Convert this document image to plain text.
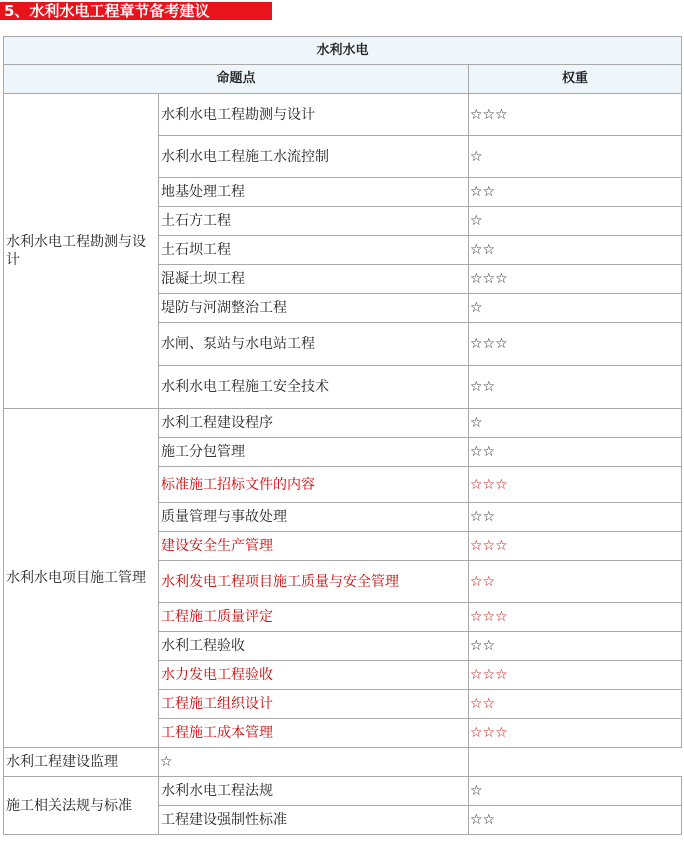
5、水利水电工程章节备考建议
水利水电		
命题点		权重
水利水电工程勘测与设计	水利水电工程勘测与设计	☆☆☆
	水利水电工程施工水流控制	☆
	地基处理工程	☆☆
	土石方工程	☆
	土石坝工程	☆☆
	混凝土坝工程	☆☆☆
	堤防与河湖整治工程	☆
	水闸、泵站与水电站工程	☆☆☆
	水利水电工程施工安全技术	☆☆
水利水电项目施工管理	水利工程建设程序	☆
	施工分包管理	☆☆
	标准施工招标文件的内容	☆☆☆
	质量管理与事故处理	☆☆
	建设安全生产管理	☆☆☆
	水利发电工程项目施工质量与安全管理	☆☆
	工程施工质量评定	☆☆☆
	水利工程验收	☆☆
	水力发电工程验收	☆☆☆
	工程施工组织设计	☆☆
	工程施工成本管理	☆☆☆
水利工程建设监理	☆	
施工相关法规与标准	水利水电工程法规	☆
	工程建设强制性标准	☆☆
